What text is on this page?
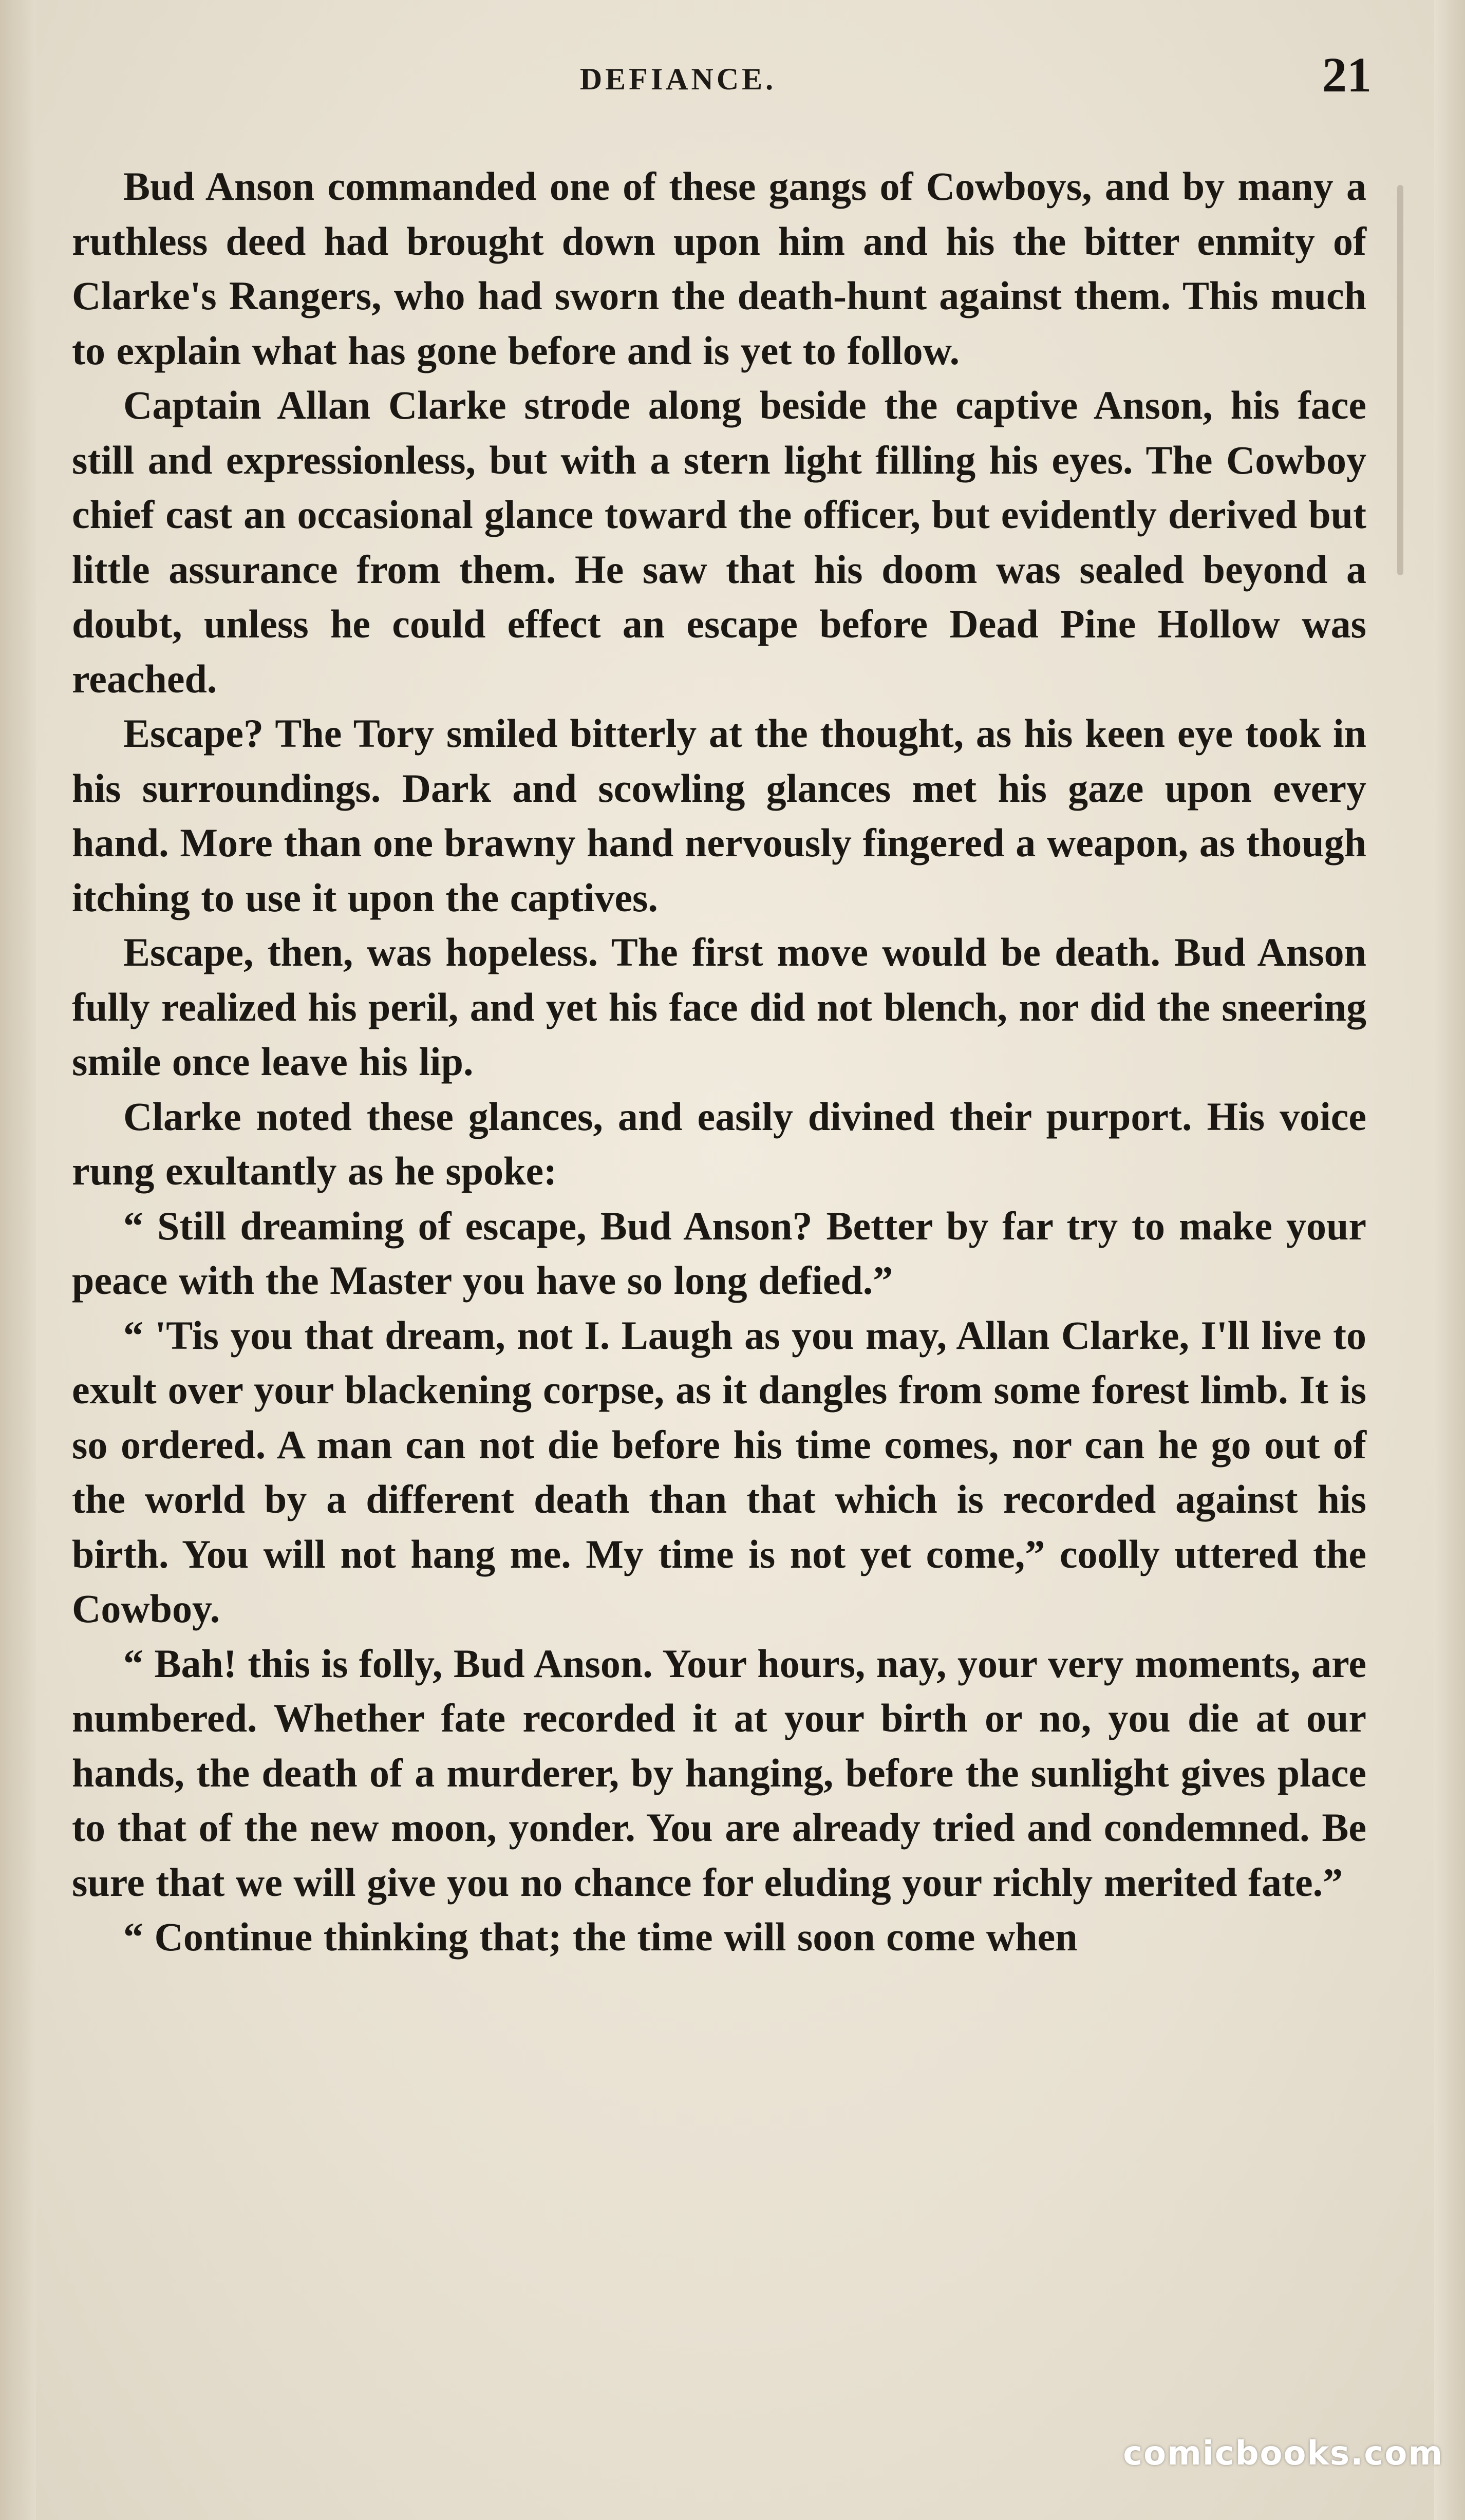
DEFIANCE.	21

Bud Anson commanded one of these gangs of Cowboys, and by many a ruthless deed had brought down upon him and his the bitter enmity of Clarke's Rangers, who had sworn the death-hunt against them. This much to explain what has gone before and is yet to follow.

Captain Allan Clarke strode along beside the captive Anson, his face still and expressionless, but with a stern light filling his eyes. The Cowboy chief cast an occasional glance toward the officer, but evidently derived but little assurance from them. He saw that his doom was sealed beyond a doubt, unless he could effect an escape before Dead Pine Hollow was reached.

Escape? The Tory smiled bitterly at the thought, as his keen eye took in his surroundings. Dark and scowling glances met his gaze upon every hand. More than one brawny hand nervously fingered a weapon, as though itching to use it upon the captives.

Escape, then, was hopeless. The first move would be death. Bud Anson fully realized his peril, and yet his face did not blench, nor did the sneering smile once leave his lip.

Clarke noted these glances, and easily divined their purport. His voice rung exultantly as he spoke:

“ Still dreaming of escape, Bud Anson? Better by far try to make your peace with the Master you have so long defied.”

“ 'Tis you that dream, not I. Laugh as you may, Allan Clarke, I'll live to exult over your blackening corpse, as it dangles from some forest limb. It is so ordered. A man can not die before his time comes, nor can he go out of the world by a different death than that which is recorded against his birth. You will not hang me. My time is not yet come,” coolly uttered the Cowboy.

“ Bah! this is folly, Bud Anson. Your hours, nay, your very moments, are numbered. Whether fate recorded it at your birth or no, you die at our hands, the death of a murderer, by hanging, before the sunlight gives place to that of the new moon, yonder. You are already tried and condemned. Be sure that we will give you no chance for eluding your richly merited fate.”

“ Continue thinking that; the time will soon come when

comicbooks.com
